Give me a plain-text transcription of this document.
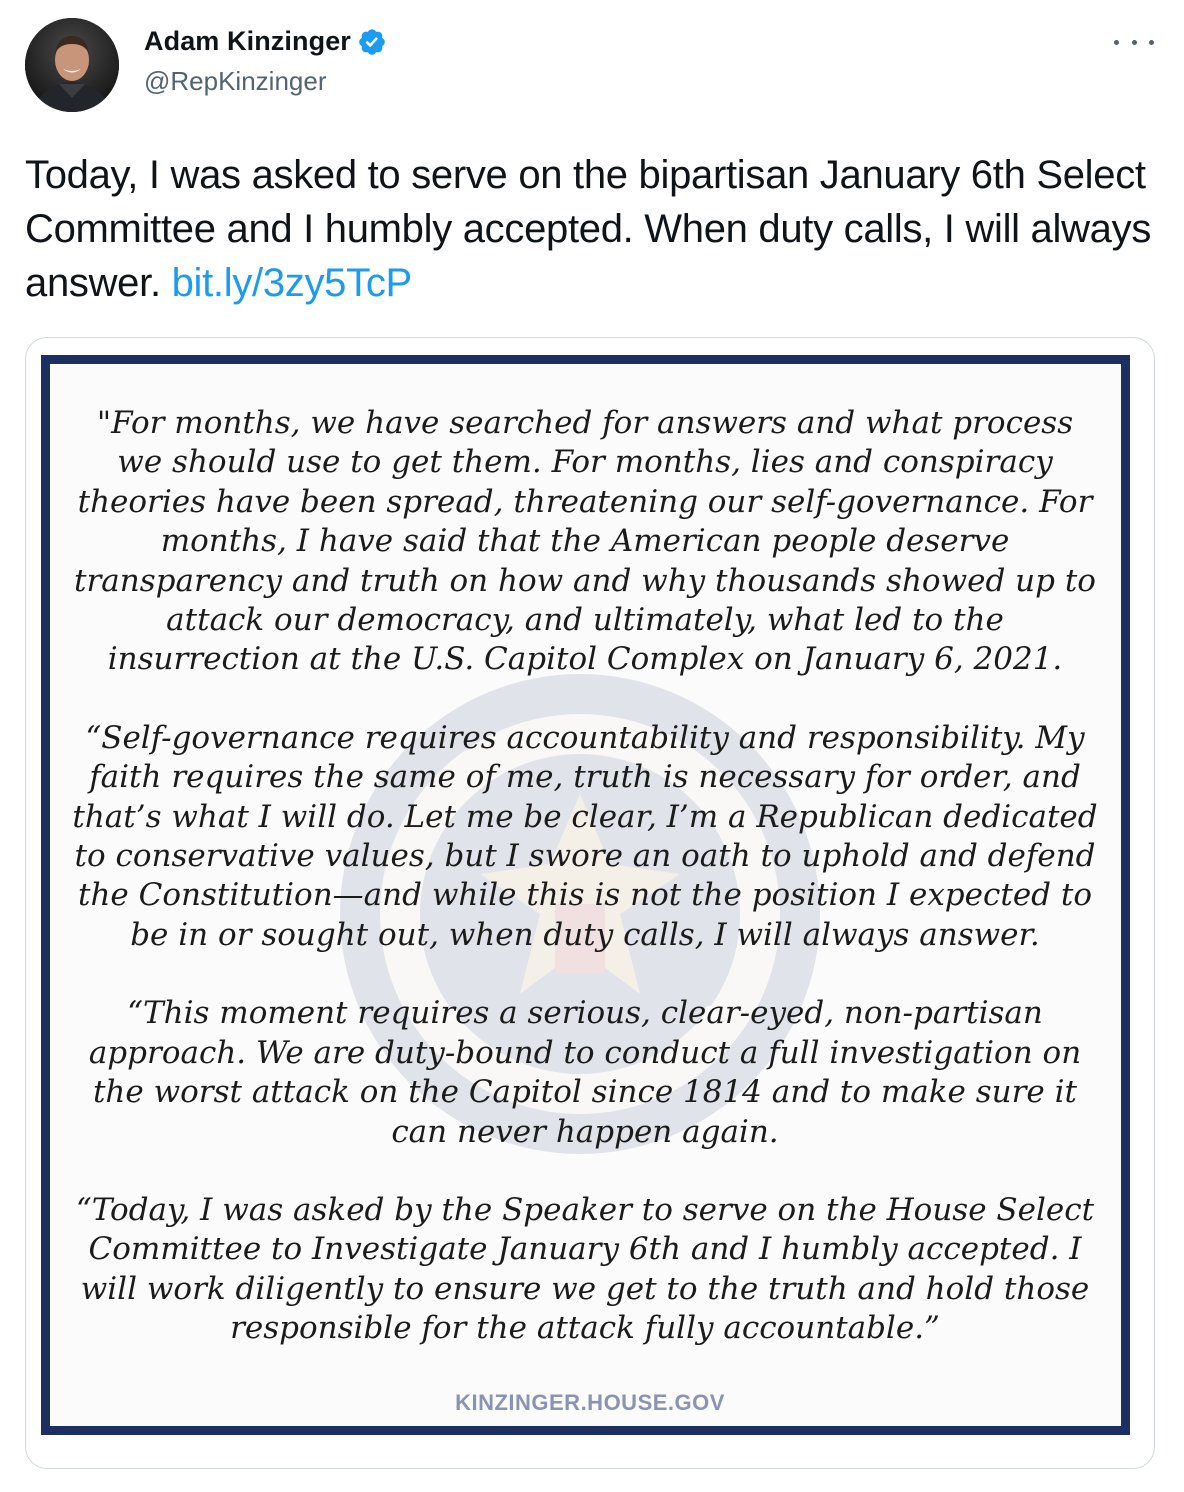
Adam Kinzinger
@RepKinzinger
Today, I was asked to serve on the bipartisan January 6th Select Committee and I humbly accepted. When duty calls, I will always answer. bit.ly/3zy5TcP

"For months, we have searched for answers and what process we should use to get them. For months, lies and conspiracy theories have been spread, threatening our self-governance. For months, I have said that the American people deserve transparency and truth on how and why thousands showed up to attack our democracy, and ultimately, what led to the insurrection at the U.S. Capitol Complex on January 6, 2021.

“Self-governance requires accountability and responsibility. My faith requires the same of me, truth is necessary for order, and that’s what I will do. Let me be clear, I’m a Republican dedicated to conservative values, but I swore an oath to uphold and defend the Constitution—and while this is not the position I expected to be in or sought out, when duty calls, I will always answer.

“This moment requires a serious, clear-eyed, non-partisan approach. We are duty-bound to conduct a full investigation on the worst attack on the Capitol since 1814 and to make sure it can never happen again.

“Today, I was asked by the Speaker to serve on the House Select Committee to Investigate January 6th and I humbly accepted. I will work diligently to ensure we get to the truth and hold those responsible for the attack fully accountable.”

KINZINGER.HOUSE.GOV
